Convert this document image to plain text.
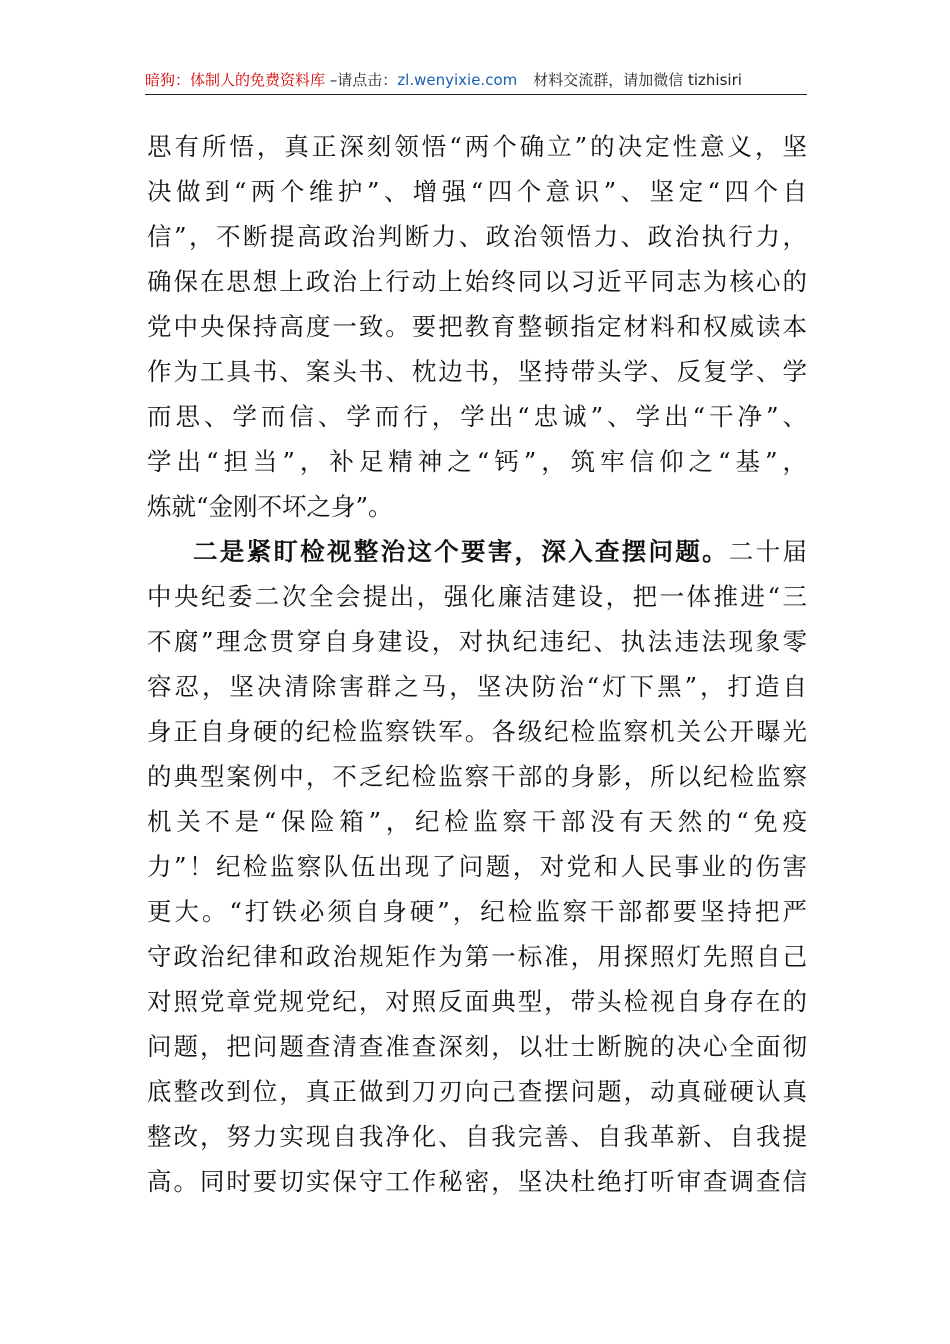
暗狗：体制人的免费资料库 –请点击：zl.wenyixie.com 材料交流群，请加微信 tizhisiri
思有所悟，真正深刻领悟“两个确立”的决定性意义，坚
决做到“两个维护”、增强“四个意识”、坚定“四个自
信”，不断提高政治判断力、政治领悟力、政治执行力，
确保在思想上政治上行动上始终同以习近平同志为核心的
党中央保持高度一致。要把教育整顿指定材料和权威读本
作为工具书、案头书、枕边书，坚持带头学、反复学、学
而思、学而信、学而行，学出“忠诚”、学出“干净”、
学出“担当”，补足精神之“钙”，筑牢信仰之“基”，
炼就“金刚不坏之身”。
二是紧盯检视整治这个要害，深入查摆问题。二十届
中央纪委二次全会提出，强化廉洁建设，把一体推进“三
不腐”理念贯穿自身建设，对执纪违纪、执法违法现象零
容忍，坚决清除害群之马，坚决防治“灯下黑”，打造自
身正自身硬的纪检监察铁军。各级纪检监察机关公开曝光
的典型案例中，不乏纪检监察干部的身影，所以纪检监察
机关不是“保险箱”，纪检监察干部没有天然的“免疫
力”！纪检监察队伍出现了问题，对党和人民事业的伤害
更大。“打铁必须自身硬”，纪检监察干部都要坚持把严
守政治纪律和政治规矩作为第一标准，用探照灯先照自己
对照党章党规党纪，对照反面典型，带头检视自身存在的
问题，把问题查清查准查深刻，以壮士断腕的决心全面彻
底整改到位，真正做到刀刃向己查摆问题，动真碰硬认真
整改，努力实现自我净化、自我完善、自我革新、自我提
高。同时要切实保守工作秘密，坚决杜绝打听审查调查信
